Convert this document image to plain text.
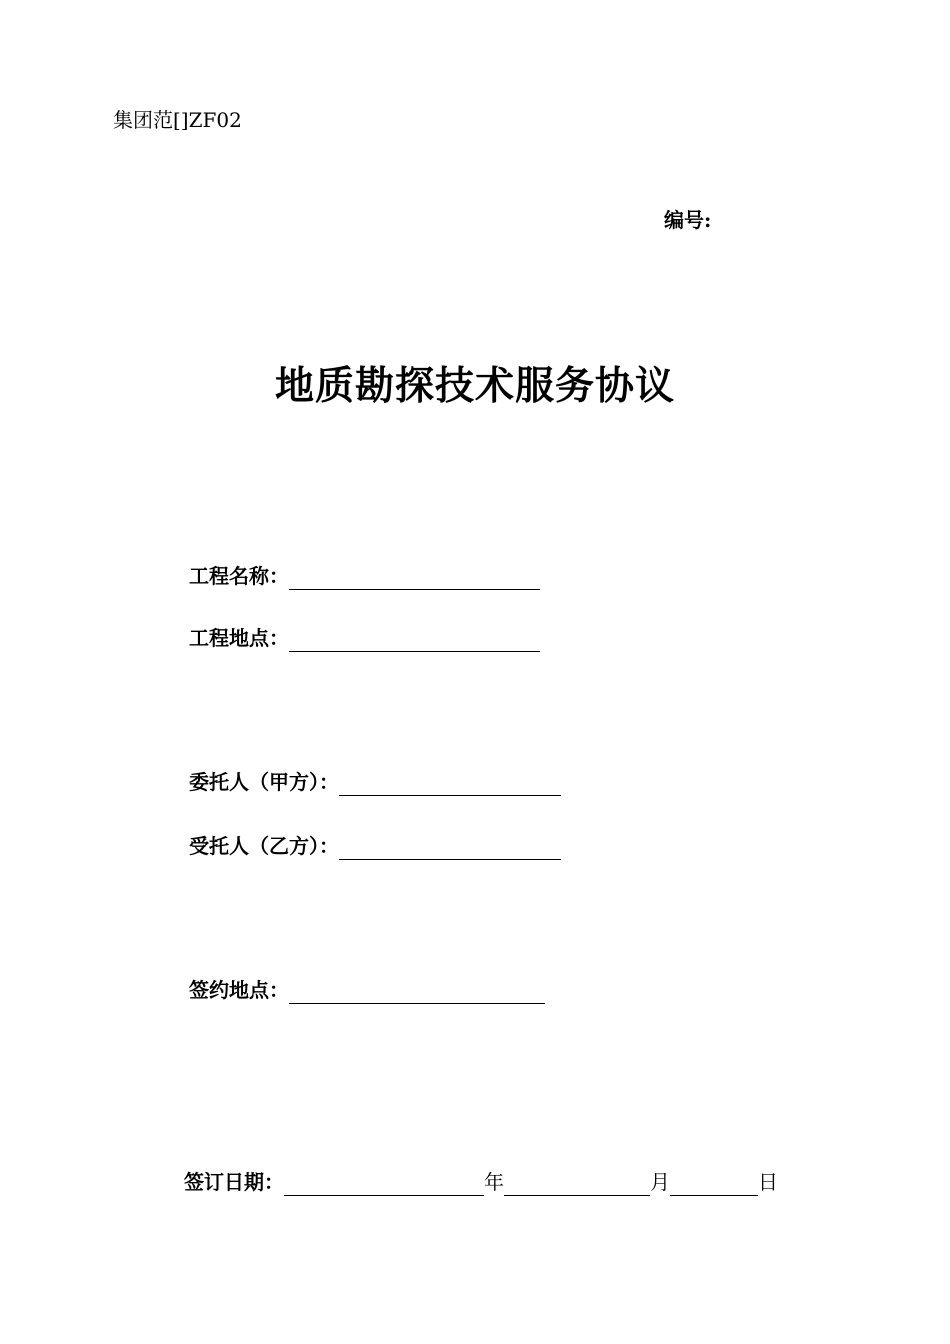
集团范[]ZF02
编号:
地质勘探技术服务协议
工程名称：
工程地点：
委托人（甲方）：
受托人（乙方）：
签约地点：
签订日期：	年	月	日
